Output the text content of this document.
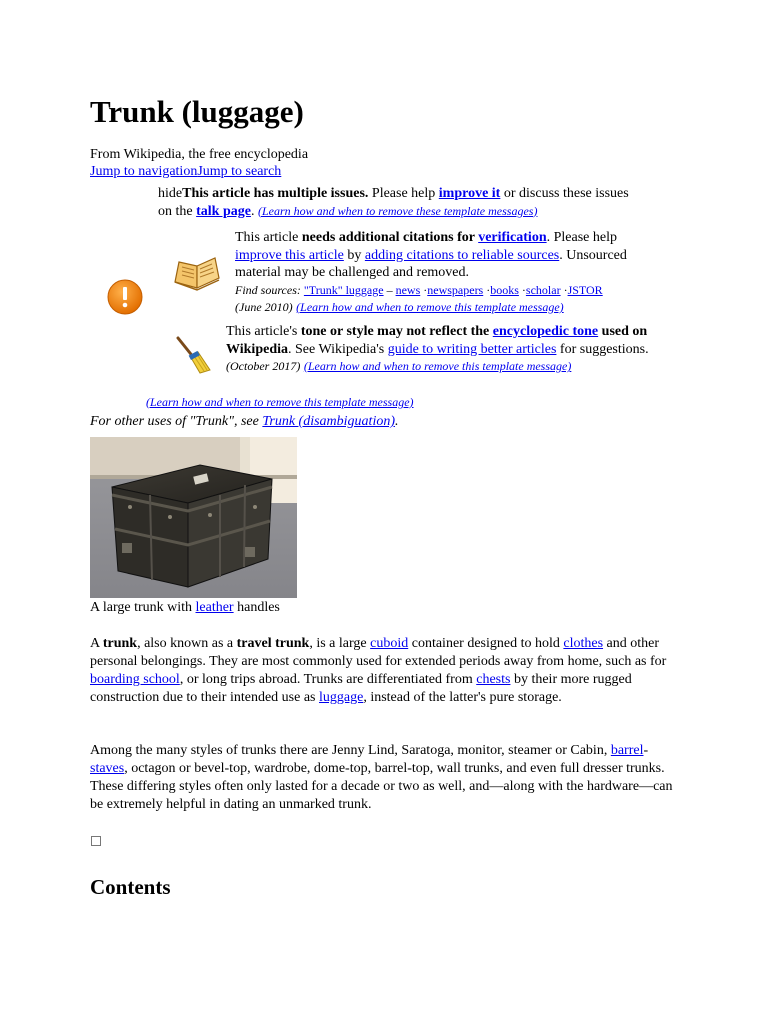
Trunk (luggage)
From Wikipedia, the free encyclopedia
Jump to navigationJump to search
hideThis article has multiple issues. Please help improve it or discuss these issues on the talk page. (Learn how and when to remove these template messages)
This article needs additional citations for verification. Please help improve this article by adding citations to reliable sources. Unsourced material may be challenged and removed.
Find sources: "Trunk" luggage – news ·newspapers ·books ·scholar ·JSTOR
(June 2010) (Learn how and when to remove this template message)
This article's tone or style may not reflect the encyclopedic tone used on Wikipedia. See Wikipedia's guide to writing better articles for suggestions. (October 2017) (Learn how and when to remove this template message)
(Learn how and when to remove this template message)
For other uses of "Trunk", see Trunk (disambiguation).
A large trunk with leather handles

A trunk, also known as a travel trunk, is a large cuboid container designed to hold clothes and other personal belongings. They are most commonly used for extended periods away from home, such as for boarding school, or long trips abroad. Trunks are differentiated from chests by their more rugged construction due to their intended use as luggage, instead of the latter's pure storage.

Among the many styles of trunks there are Jenny Lind, Saratoga, monitor, steamer or Cabin, barrel-staves, octagon or bevel-top, wardrobe, dome-top, barrel-top, wall trunks, and even full dresser trunks. These differing styles often only lasted for a decade or two as well, and—along with the hardware—can be extremely helpful in dating an unmarked trunk.

Contents
